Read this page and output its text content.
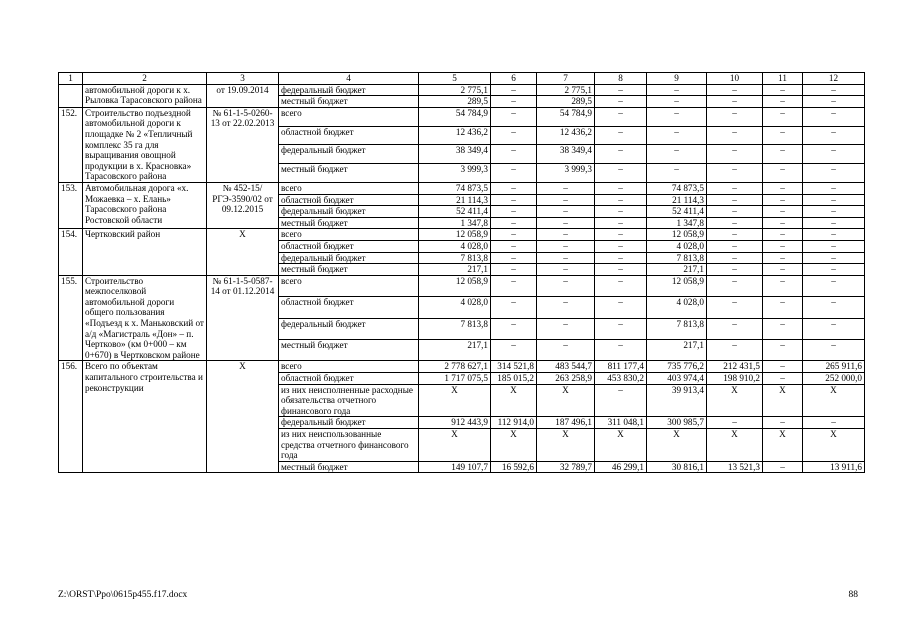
1	2	3	4	5	6	7	8	9	10	11	12
	автомобильной дороги к х. Рыловка Тарасовского района	от 19.09.2014	федеральный бюджет	2 775,1	–	2 775,1	–	–	–	–	–
			местный бюджет	289,5	–	289,5	–	–	–	–	–
152.	Строительство подъездной автомобильной дороги к площадке № 2 «Тепличный комплекс 35 га для выращивания овощной продукции в х. Красновка» Тарасовского района	№ 61-1-5-0260-13 от 22.02.2013	всего	54 784,9	–	54 784,9	–	–	–	–	–
			областной бюджет	12 436,2	–	12 436,2	–	–	–	–	–
			федеральный бюджет	38 349,4	–	38 349,4	–	–	–	–	–
			местный бюджет	3 999,3	–	3 999,3	–	–	–	–	–
153.	Автомобильная дорога «х. Можаевка – х. Елань» Тарасовского района Ростовской области	№ 452-15/РГЭ-3590/02 от 09.12.2015	всего	74 873,5	–	–	–	74 873,5	–	–	–
			областной бюджет	21 114,3	–	–	–	21 114,3	–	–	–
			федеральный бюджет	52 411,4	–	–	–	52 411,4	–	–	–
			местный бюджет	1 347,8	–	–	–	1 347,8	–	–	–
154.	Чертковский район	Х	всего	12 058,9	–	–	–	12 058,9	–	–	–
			областной бюджет	4 028,0	–	–	–	4 028,0	–	–	–
			федеральный бюджет	7 813,8	–	–	–	7 813,8	–	–	–
			местный бюджет	217,1	–	–	–	217,1	–	–	–
155.	Строительство межпоселковой автомобильной дороги общего пользования «Подъезд к х. Маньковский от а/д «Магистраль «Дон» – п. Чертково» (км 0+000 – км 0+670) в Чертковском районе	№ 61-1-5-0587-14 от 01.12.2014	всего	12 058,9	–	–	–	12 058,9	–	–	–
			областной бюджет	4 028,0	–	–	–	4 028,0	–	–	–
			федеральный бюджет	7 813,8	–	–	–	7 813,8	–	–	–
			местный бюджет	217,1	–	–	–	217,1	–	–	–
156.	Всего по объектам капитального строительства и реконструкции	Х	всего	2 778 627,1	314 521,8	483 544,7	811 177,4	735 776,2	212 431,5	–	265 911,6
			областной бюджет	1 717 075,5	185 015,2	263 258,9	453 830,2	403 974,4	198 910,2	–	252 000,0
			из них неисполненные расходные обязательства отчетного финансового года	Х	Х	Х	–	39 913,4	Х	Х	Х
			федеральный бюджет	912 443,9	112 914,0	187 496,1	311 048,1	300 985,7	–	–	–
			из них неиспользованные средства отчетного финансового года	Х	Х	Х	Х	Х	Х	Х	Х
			местный бюджет	149 107,7	16 592,6	32 789,7	46 299,1	30 816,1	13 521,3	–	13 911,6
Z:\ORST\Ppo\0615p455.f17.docx	88
